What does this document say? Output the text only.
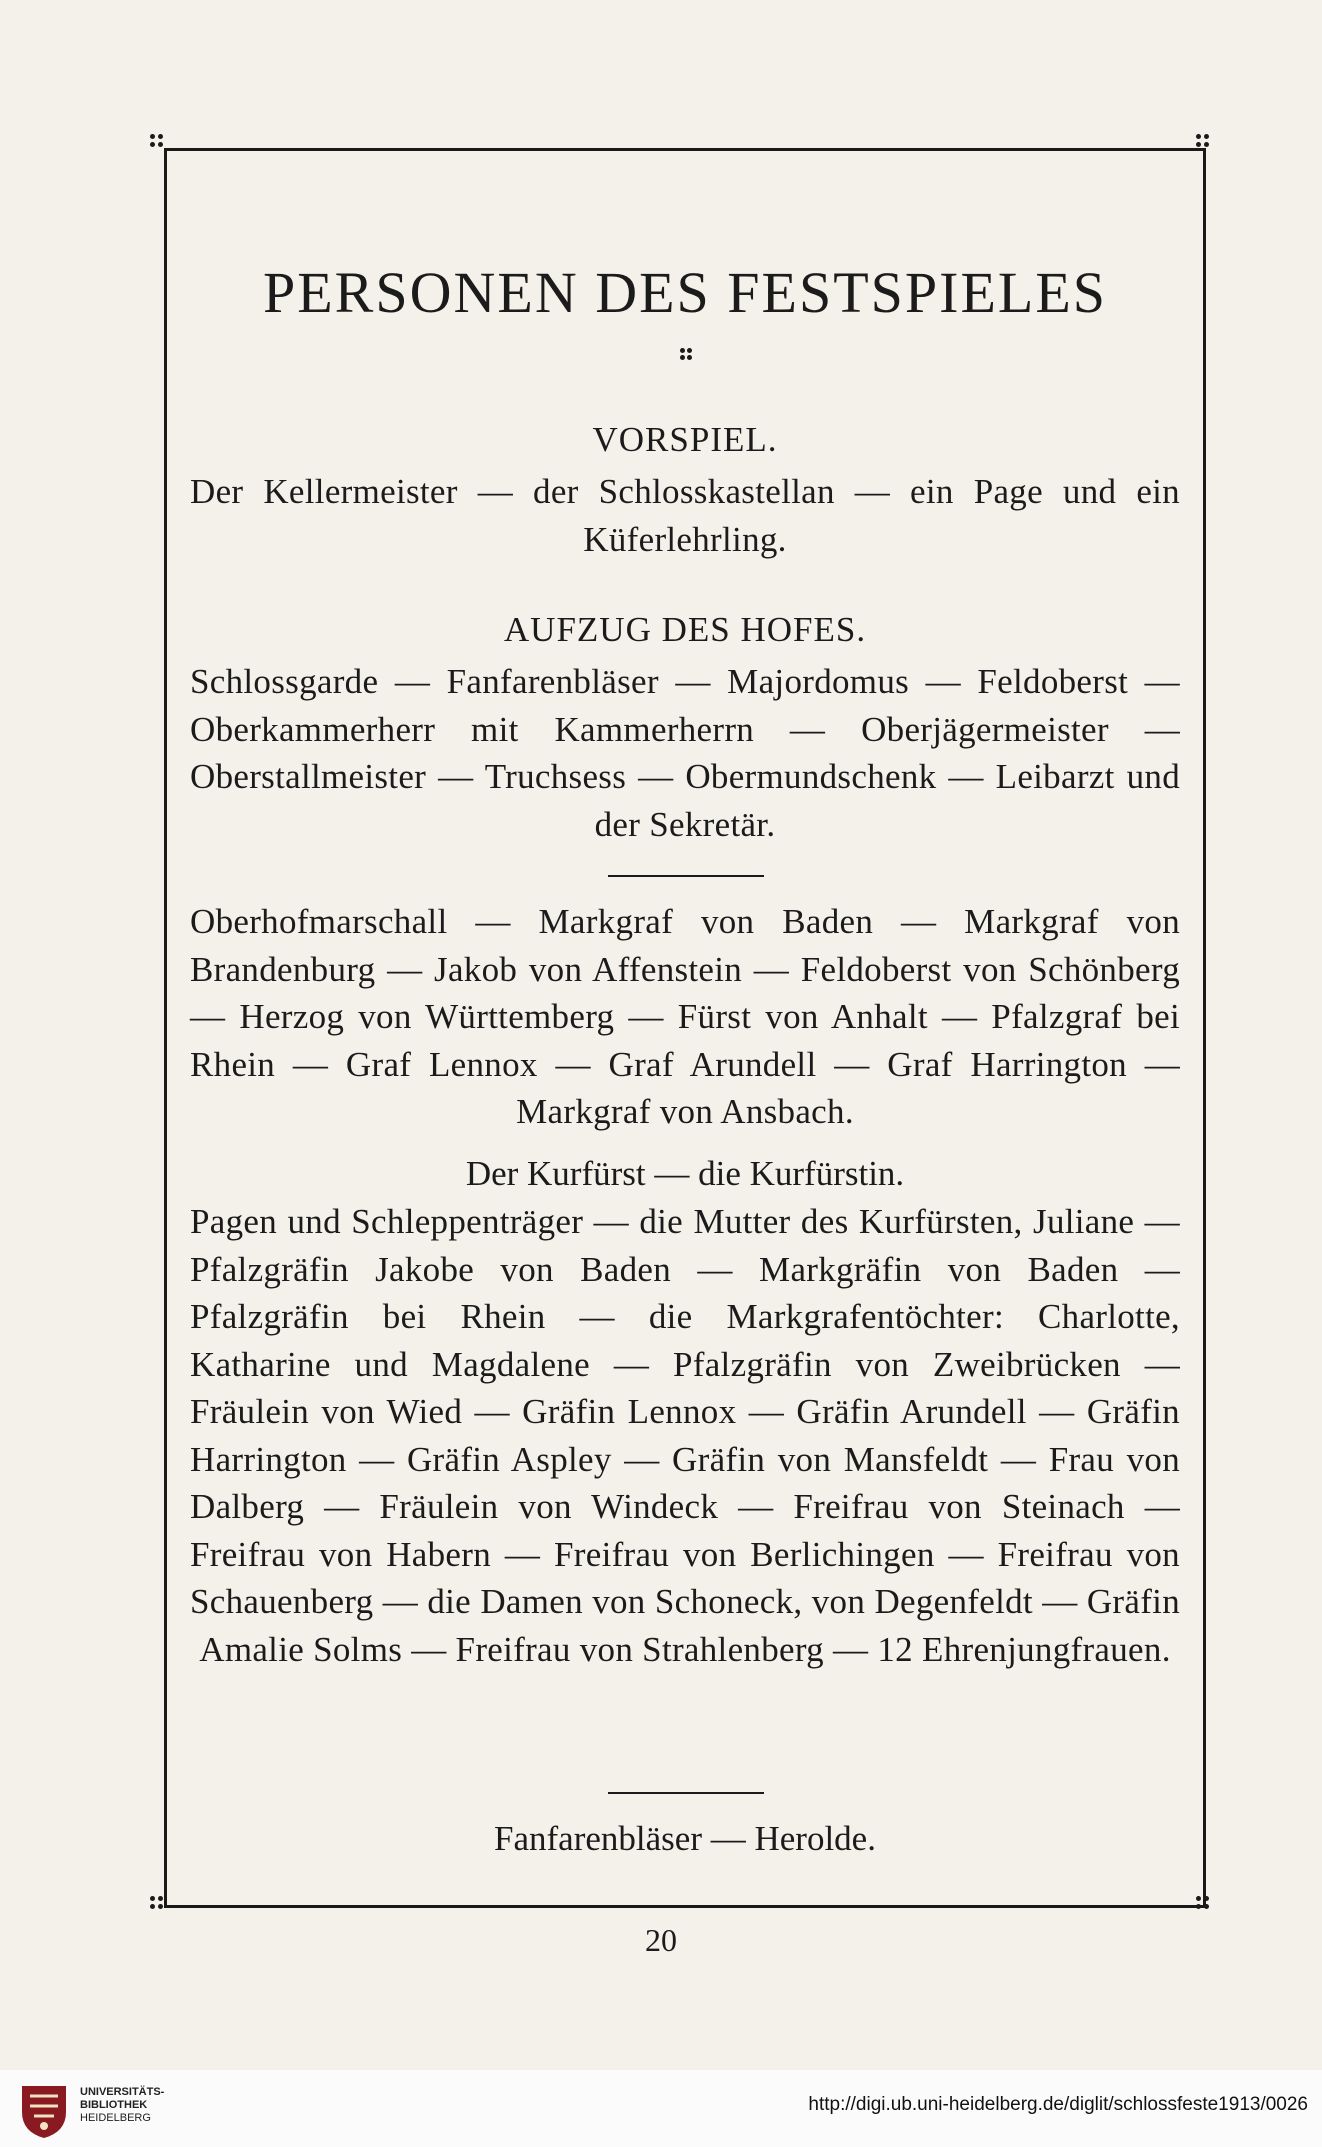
PERSONEN DES FESTSPIELES
VORSPIEL.
Der Kellermeister — der Schlosskastellan — ein Page und ein Küferlehrling.
AUFZUG DES HOFES.
Schlossgarde — Fanfarenbläser — Majordomus — Feldoberst — Oberkammerherr mit Kammerherrn — Oberjägermeister — Oberstallmeister — Truchsess — Obermundschenk — Leibarzt und der Sekretär.
Oberhofmarschall — Markgraf von Baden — Markgraf von Brandenburg — Jakob von Affenstein — Feldoberst von Schönberg — Herzog von Württemberg — Fürst von Anhalt — Pfalzgraf bei Rhein — Graf Lennox — Graf Arundell — Graf Harrington — Markgraf von Ansbach.
Der Kurfürst — die Kurfürstin.
Pagen und Schleppenträger — die Mutter des Kurfürsten, Juliane — Pfalzgräfin Jakobe von Baden — Markgräfin von Baden — Pfalzgräfin bei Rhein — die Markgrafentöchter: Charlotte, Katharine und Magdalene — Pfalzgräfin von Zweibrücken — Fräulein von Wied — Gräfin Lennox — Gräfin Arundell — Gräfin Harrington — Gräfin Aspley — Gräfin von Mansfeldt — Frau von Dalberg — Fräulein von Windeck — Freifrau von Steinach — Freifrau von Habern — Freifrau von Berlichingen — Freifrau von Schauenberg — die Damen von Schoneck, von Degenfeldt — Gräfin Amalie Solms — Freifrau von Strahlenberg — 12 Ehrenjungfrauen.
Fanfarenbläser — Herolde.
20
UNIVERSITÄTS-
BIBLIOTHEK
HEIDELBERG
http://digi.ub.uni-heidelberg.de/diglit/schlossfeste1913/0026
